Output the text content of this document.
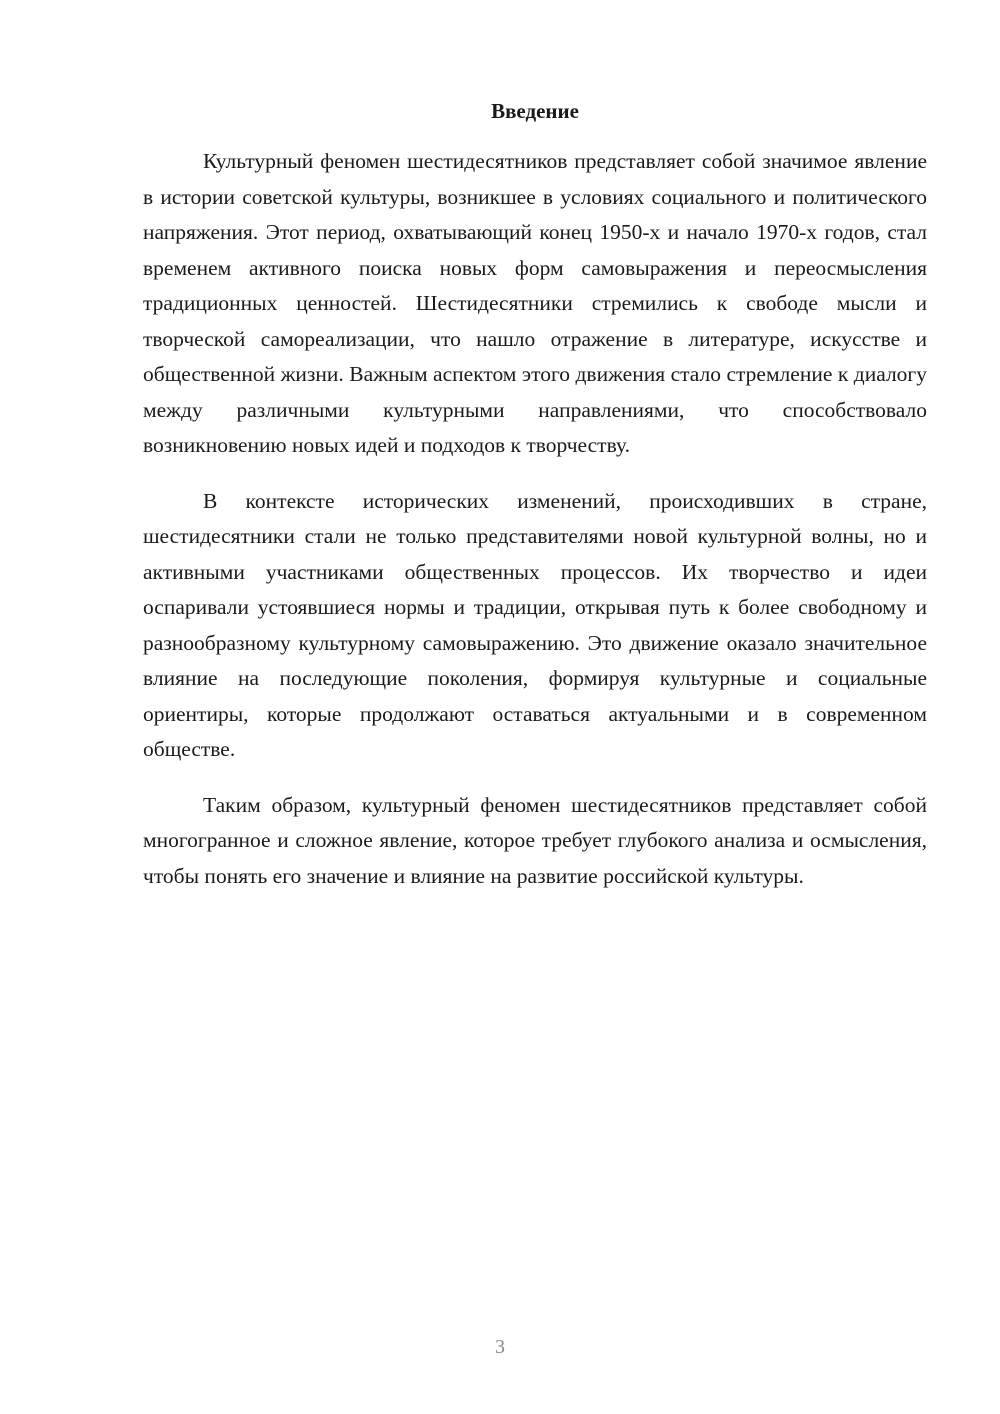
Введение

Культурный феномен шестидесятников представляет собой значимое явление в истории советской культуры, возникшее в условиях социального и политического напряжения. Этот период, охватывающий конец 1950-х и начало 1970-х годов, стал временем активного поиска новых форм самовыражения и переосмысления традиционных ценностей. Шестидесятники стремились к свободе мысли и творческой самореализации, что нашло отражение в литературе, искусстве и общественной жизни. Важным аспектом этого движения стало стремление к диалогу между различными культурными направлениями, что способствовало возникновению новых идей и подходов к творчеству.

В контексте исторических изменений, происходивших в стране, шестидесятники стали не только представителями новой культурной волны, но и активными участниками общественных процессов. Их творчество и идеи оспаривали устоявшиеся нормы и традиции, открывая путь к более свободному и разнообразному культурному самовыражению. Это движение оказало значительное влияние на последующие поколения, формируя культурные и социальные ориентиры, которые продолжают оставаться актуальными и в современном обществе.

Таким образом, культурный феномен шестидесятников представляет собой многогранное и сложное явление, которое требует глубокого анализа и осмысления, чтобы понять его значение и влияние на развитие российской культуры.

3
